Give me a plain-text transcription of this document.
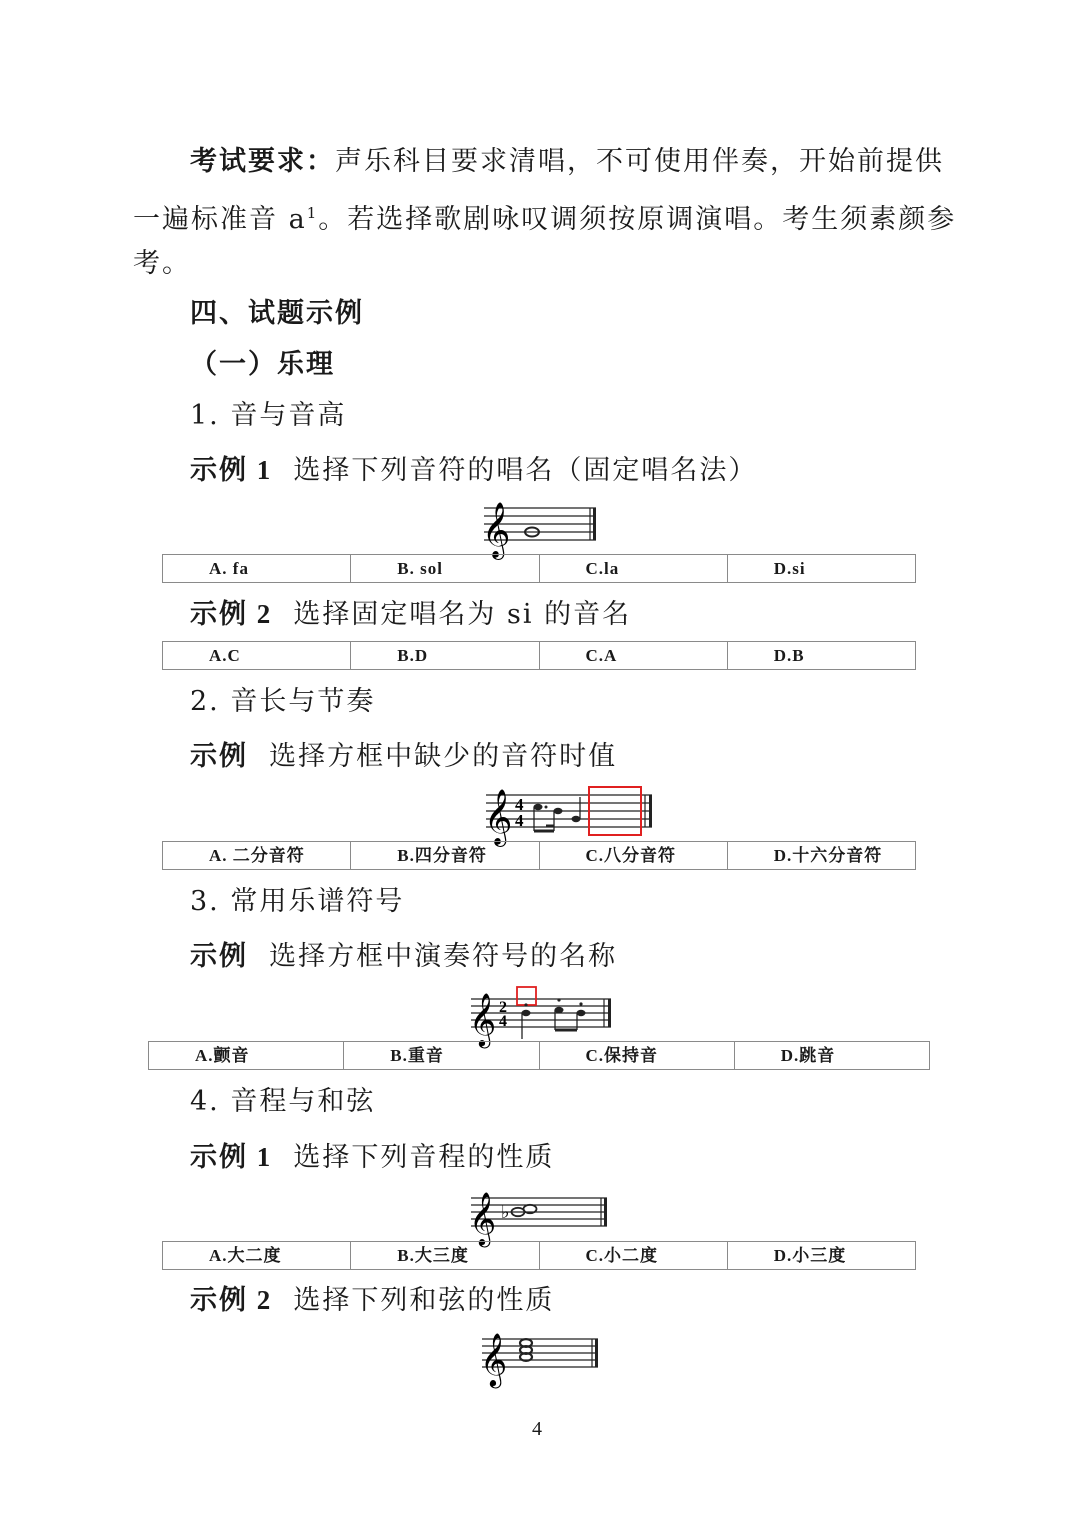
考试要求：声乐科目要求清唱，不可使用伴奏，开始前提供
一遍标准音 $a^1$。若选择歌剧咏叹调须按原调演唱。考生须素颜参
考。
四、试题示例
（一）乐理
1. 音与音高
示例 1 选择下列音符的唱名（固定唱名法）
𝄞
A. fa	B. sol	C.la	D.si
示例 2 选择固定唱名为 si 的音名
A.C	B.D	C.A	D.B
2. 音长与节奏
示例 选择方框中缺少的音符时值
𝄞 4
4
A. 二分音符	B.四分音符	C.八分音符	D.十六分音符
3. 常用乐谱符号
示例 选择方框中演奏符号的名称
𝄞 2
4
A.颤音	B.重音	C.保持音	D.跳音
4. 音程与和弦
示例 1 选择下列音程的性质
𝄞 ♭
A.大二度	B.大三度	C.小二度	D.小三度
示例 2 选择下列和弦的性质
𝄞
4
